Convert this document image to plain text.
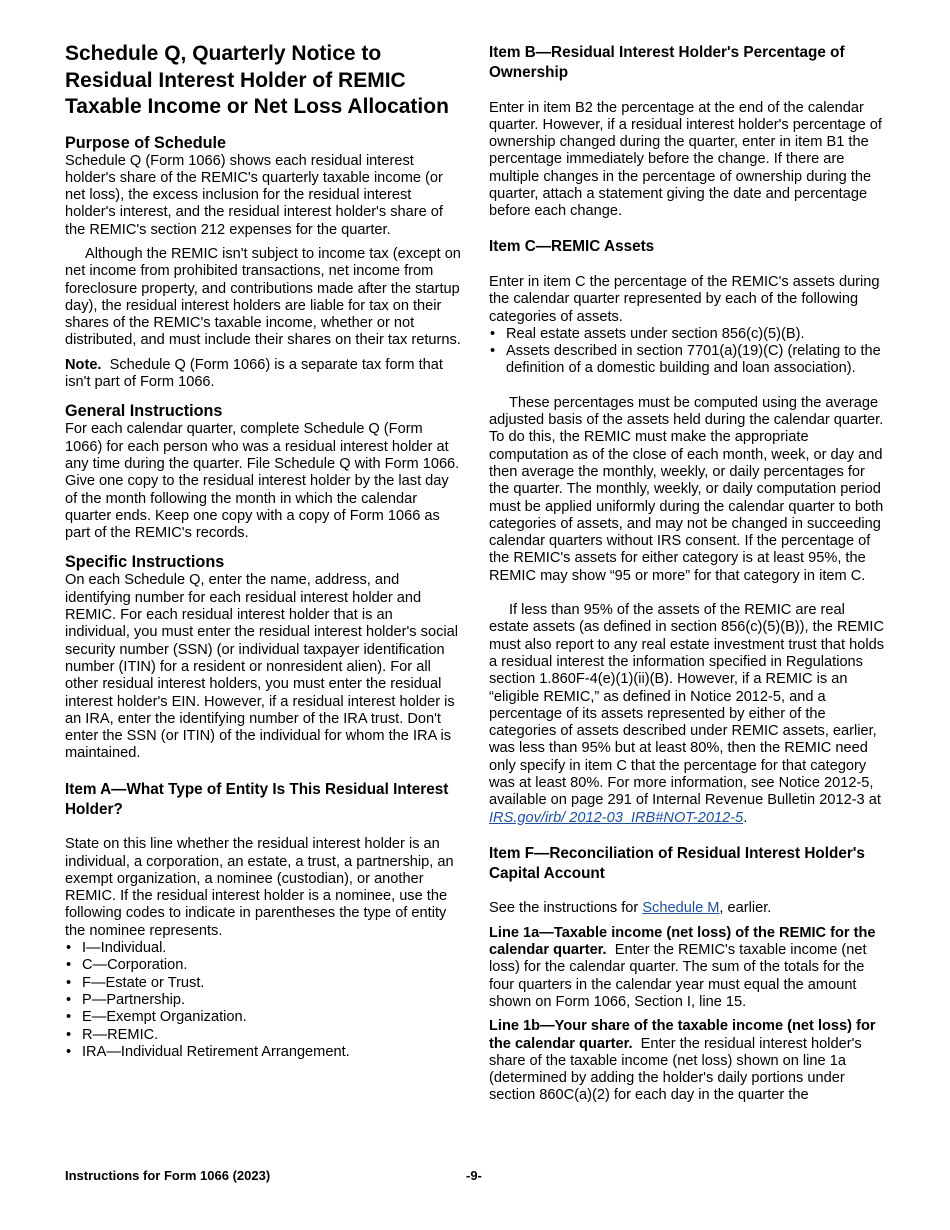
Schedule Q, Quarterly Notice to Residual Interest Holder of REMIC Taxable Income or Net Loss Allocation
Purpose of Schedule

Schedule Q (Form 1066) shows each residual interest holder's share of the REMIC's quarterly taxable income (or net loss), the excess inclusion for the residual interest holder's interest, and the residual interest holder's share of the REMIC's section 212 expenses for the quarter.

Although the REMIC isn't subject to income tax (except on net income from prohibited transactions, net income from foreclosure property, and contributions made after the startup day), the residual interest holders are liable for tax on their shares of the REMIC's taxable income, whether or not distributed, and must include their shares on their tax returns.

Note. Schedule Q (Form 1066) is a separate tax form that isn't part of Form 1066.

General Instructions

For each calendar quarter, complete Schedule Q (Form 1066) for each person who was a residual interest holder at any time during the quarter. File Schedule Q with Form 1066. Give one copy to the residual interest holder by the last day of the month following the month in which the calendar quarter ends. Keep one copy with a copy of Form 1066 as part of the REMIC's records.

Specific Instructions

On each Schedule Q, enter the name, address, and identifying number for each residual interest holder and REMIC. For each residual interest holder that is an individual, you must enter the residual interest holder's social security number (SSN) (or individual taxpayer identification number (ITIN) for a resident or nonresident alien). For all other residual interest holders, you must enter the residual interest holder's EIN. However, if a residual interest holder is an IRA, enter the identifying number of the IRA trust. Don't enter the SSN (or ITIN) of the individual for whom the IRA is maintained.

Item A—What Type of Entity Is This Residual Interest Holder?

State on this line whether the residual interest holder is an individual, a corporation, an estate, a trust, a partnership, an exempt organization, a nominee (custodian), or another REMIC. If the residual interest holder is a nominee, use the following codes to indicate in parentheses the type of entity the nominee represents.

• I—Individual.
• C—Corporation.
• F—Estate or Trust.
• P—Partnership.
• E—Exempt Organization.
• R—REMIC.
• IRA—Individual Retirement Arrangement.
Item B—Residual Interest Holder's Percentage of Ownership

Enter in item B2 the percentage at the end of the calendar quarter. However, if a residual interest holder's percentage of ownership changed during the quarter, enter in item B1 the percentage immediately before the change. If there are multiple changes in the percentage of ownership during the quarter, attach a statement giving the date and percentage before each change.

Item C—REMIC Assets

Enter in item C the percentage of the REMIC's assets during the calendar quarter represented by each of the following categories of assets.

• Real estate assets under section 856(c)(5)(B).
• Assets described in section 7701(a)(19)(C) (relating to the definition of a domestic building and loan association).

These percentages must be computed using the average adjusted basis of the assets held during the calendar quarter. To do this, the REMIC must make the appropriate computation as of the close of each month, week, or day and then average the monthly, weekly, or daily percentages for the quarter. The monthly, weekly, or daily computation period must be applied uniformly during the calendar quarter to both categories of assets, and may not be changed in succeeding calendar quarters without IRS consent. If the percentage of the REMIC's assets for either category is at least 95%, the REMIC may show “95 or more” for that category in item C.

If less than 95% of the assets of the REMIC are real estate assets (as defined in section 856(c)(5)(B)), the REMIC must also report to any real estate investment trust that holds a residual interest the information specified in Regulations section 1.860F-4(e)(1)(ii)(B). However, if a REMIC is an “eligible REMIC,” as defined in Notice 2012-5, and a percentage of its assets represented by either of the categories of assets described under REMIC assets, earlier, was less than 95% but at least 80%, then the REMIC need only specify in item C that the percentage for that category was at least 80%. For more information, see Notice 2012-5, available on page 291 of Internal Revenue Bulletin 2012-3 at IRS.gov/irb/ 2012-03_IRB#NOT-2012-5.

Item F—Reconciliation of Residual Interest Holder's Capital Account

See the instructions for Schedule M, earlier.

Line 1a—Taxable income (net loss) of the REMIC for the calendar quarter. Enter the REMIC's taxable income (net loss) for the calendar quarter. The sum of the totals for the four quarters in the calendar year must equal the amount shown on Form 1066, Section I, line 15.

Line 1b—Your share of the taxable income (net loss) for the calendar quarter. Enter the residual interest holder's share of the taxable income (net loss) shown on line 1a (determined by adding the holder's daily portions under section 860C(a)(2) for each day in the quarter the

Instructions for Form 1066 (2023)	-9-
